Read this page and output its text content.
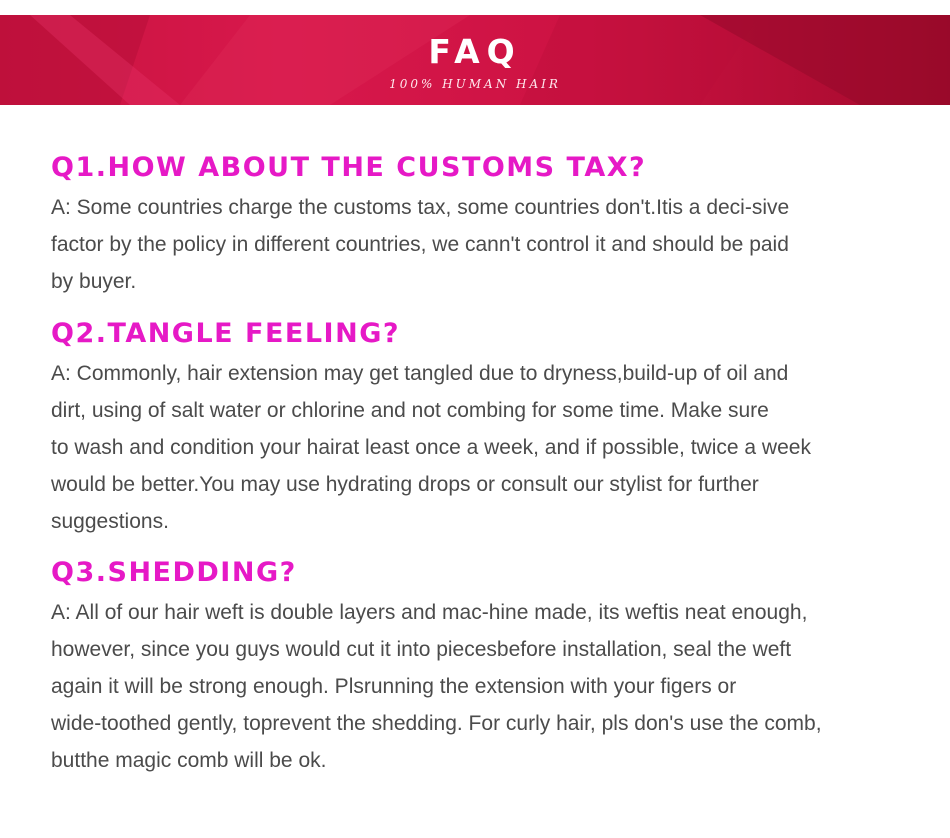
FAQ
100% HUMAN HAIR
Q1.HOW ABOUT THE CUSTOMS TAX?

A: Some countries charge the customs tax, some countries don't.Itis a deci-sive
factor by the policy in different countries, we cann't control it and should be paid
by buyer.

Q2.TANGLE FEELING?

A: Commonly, hair extension may get tangled due to dryness,build-up of oil and
dirt, using of salt water or chlorine and not combing for some time. Make sure
to wash and condition your hairat least once a week, and if possible, twice a week
would be better.You may use hydrating drops or consult our stylist for further
suggestions.

Q3.SHEDDING?

A: All of our hair weft is double layers and mac-hine made, its weftis neat enough,
however, since you guys would cut it into piecesbefore installation, seal the weft
again it will be strong enough. Plsrunning the extension with your figers or
wide-toothed gently, toprevent the shedding. For curly hair, pls don's use the comb,
butthe magic comb will be ok.
